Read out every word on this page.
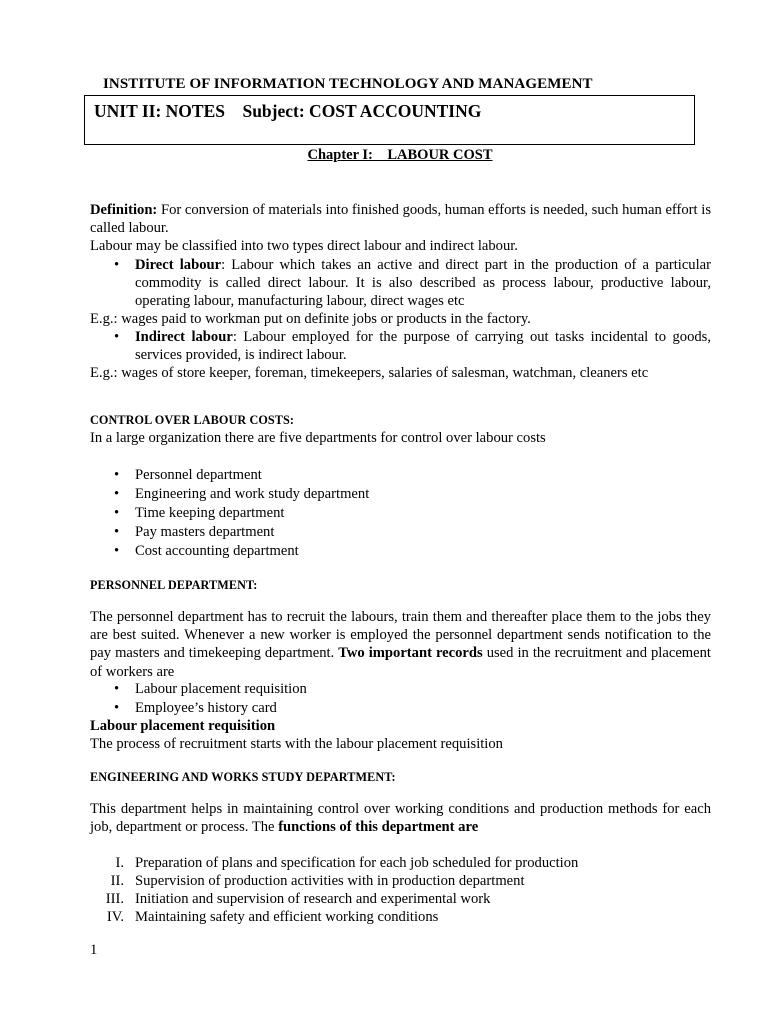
INSTITUTE OF INFORMATION TECHNOLOGY AND MANAGEMENT
UNIT II: NOTES Subject: COST ACCOUNTING
Chapter I:    LABOUR COST
Definition: For conversion of materials into finished goods, human efforts is needed, such human effort is called labour.
Labour may be classified into two types direct labour and indirect labour.
• Direct labour: Labour which takes an active and direct part in the production of a particular commodity is called direct labour. It is also described as process labour, productive labour, operating labour, manufacturing labour, direct wages etc
E.g.: wages paid to workman put on definite jobs or products in the factory.
• Indirect labour: Labour employed for the purpose of carrying out tasks incidental to goods, services provided, is indirect labour.
E.g.: wages of store keeper, foreman, timekeepers, salaries of salesman, watchman, cleaners etc
CONTROL OVER LABOUR COSTS:
In a large organization there are five departments for control over labour costs
• Personnel department
• Engineering and work study department
• Time keeping department
• Pay masters department
• Cost accounting department
PERSONNEL DEPARTMENT:
The personnel department has to recruit the labours, train them and thereafter place them to the jobs they are best suited. Whenever a new worker is employed the personnel department sends notification to the pay masters and timekeeping department. Two important records used in the recruitment and placement of workers are
• Labour placement requisition
• Employee’s history card
Labour placement requisition
The process of recruitment starts with the labour placement requisition
ENGINEERING AND WORKS STUDY DEPARTMENT:
This department helps in maintaining control over working conditions and production methods for each job, department or process. The functions of this department are
I. Preparation of plans and specification for each job scheduled for production
II. Supervision of production activities with in production department
III. Initiation and supervision of research and experimental work
IV. Maintaining safety and efficient working conditions
1
